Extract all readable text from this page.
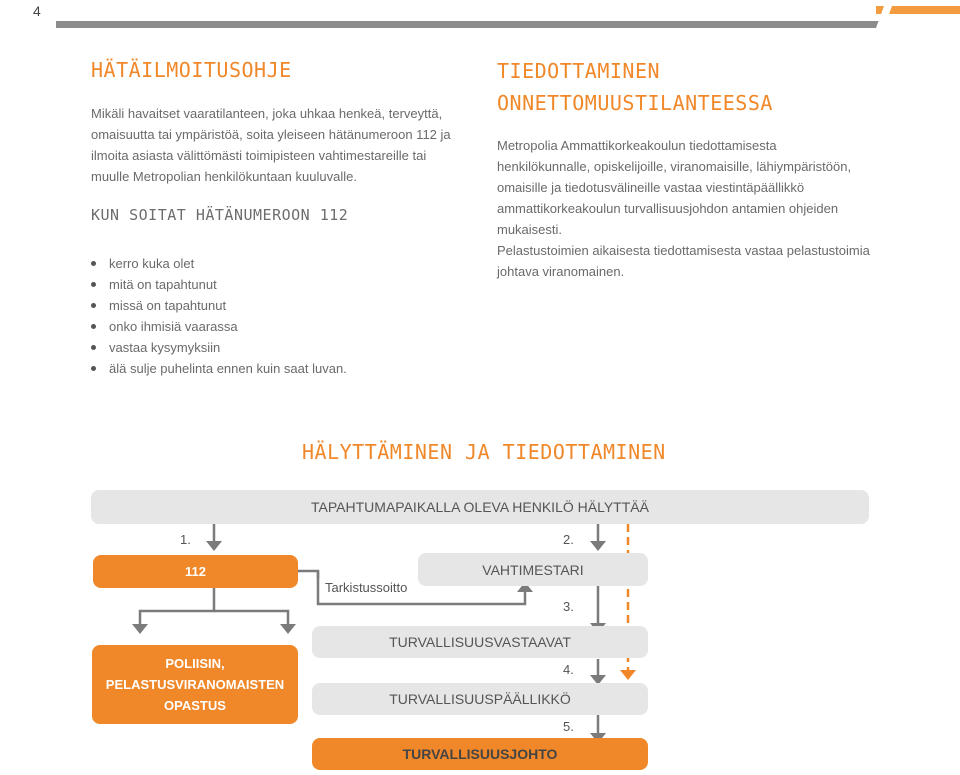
4
HÄTÄILMOITUSOHJE
Mikäli havaitset vaaratilanteen, joka uhkaa henkeä, terveyttä, omaisuutta tai ympäristöä, soita yleiseen hätänumeroon 112 ja ilmoita asiasta välittömästi toimipisteen vahtimestareille tai muulle Metropolian henkilökuntaan kuuluvalle.
KUN SOITAT HÄTÄNUMEROON 112
kerro kuka olet
mitä on tapahtunut
missä on tapahtunut
onko ihmisiä vaarassa
vastaa kysymyksiin
älä sulje puhelinta ennen kuin saat luvan.
TIEDOTTAMINEN
ONNETTOMUUSTILANTEESSA
Metropolia Ammattikorkeakoulun tiedottamisesta henkilökunnalle, opiskelijoille, viranomaisille, lähiympäristöön, omaisille ja tiedotusvälineille vastaa viestintäpäällikkö ammattikorkeakoulun turvallisuusjohdon antamien ohjeiden mukaisesti.
Pelastustoimien aikaisesta tiedottamisesta vastaa pelastustoimia johtava viranomainen.
HÄLYTTÄMINEN JA TIEDOTTAMINEN
TAPAHTUMAPAIKALLA OLEVA HENKILÖ HÄLYTTÄÄ
1.	2.
112
Tarkistussoitto
VAHTIMESTARI
3.
POLIISIN,
PELASTUSVIRANOMAISTEN
OPASTUS
TURVALLISUUSVASTAAVAT
4.
TURVALLISUUSPÄÄLLIKKÖ
5.
TURVALLISUUSJOHTO
